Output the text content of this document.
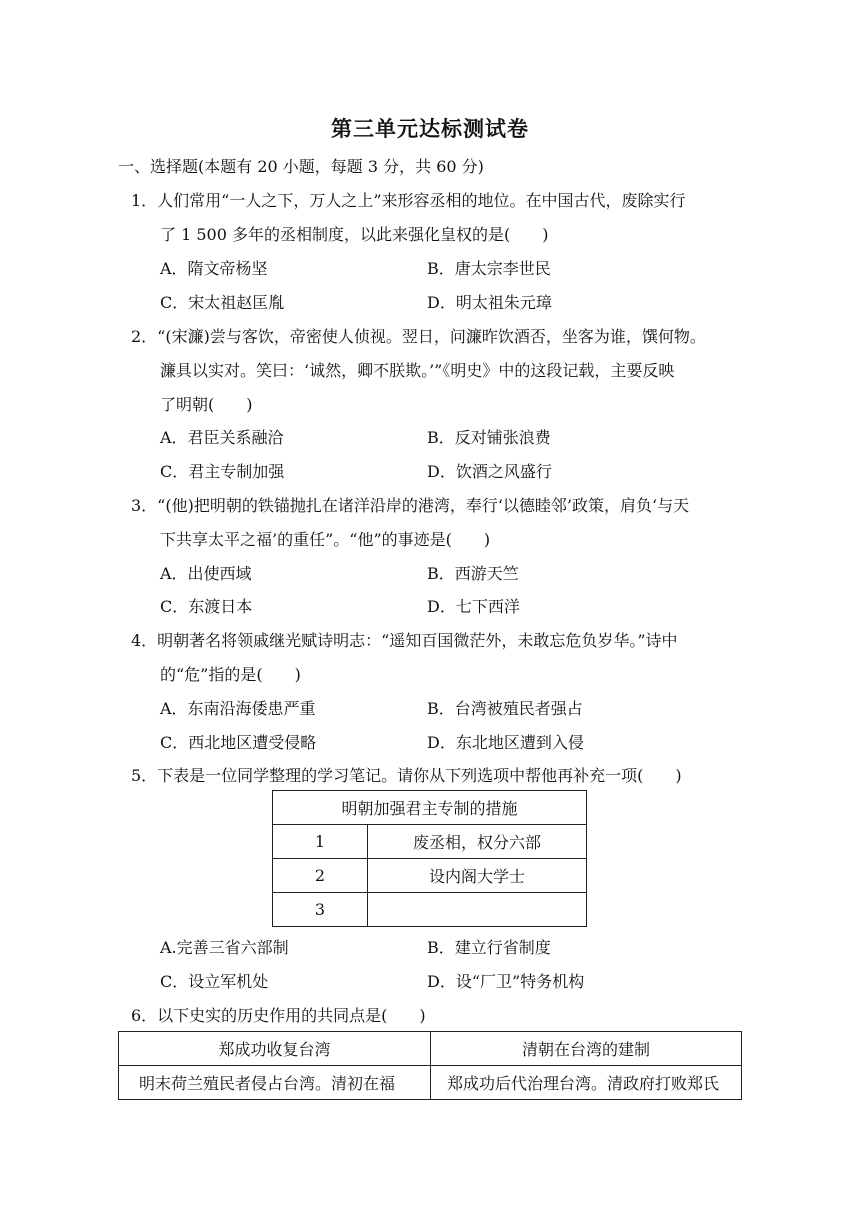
第三单元达标测试卷
一、选择题(本题有 20 小题，每题 3 分，共 60 分)
1．人们常用“一人之下，万人之上”来形容丞相的地位。在中国古代，废除实行
了 1 500 多年的丞相制度，以此来强化皇权的是(　　)
A．隋文帝杨坚	B．唐太宗李世民
C．宋太祖赵匡胤	D．明太祖朱元璋
2．“(宋濂)尝与客饮，帝密使人侦视。翌日，问濂昨饮酒否，坐客为谁，馔何物。
濂具以实对。笑曰：‘诚然，卿不朕欺。’”《明史》中的这段记载，主要反映
了明朝(　　)
A．君臣关系融洽	B．反对铺张浪费
C．君主专制加强	D．饮酒之风盛行
3．“(他)把明朝的铁锚抛扎在诸洋沿岸的港湾，奉行‘以德睦邻’政策，肩负‘与天
下共享太平之福’的重任”。“他”的事迹是(　　)
A．出使西域	B．西游天竺
C．东渡日本	D．七下西洋
4．明朝著名将领戚继光赋诗明志：“遥知百国微茫外，未敢忘危负岁华。”诗中
的“危”指的是(　　)
A．东南沿海倭患严重	B．台湾被殖民者强占
C．西北地区遭受侵略	D．东北地区遭到入侵
5．下表是一位同学整理的学习笔记。请你从下列选项中帮他再补充一项(　　)
明朝加强君主专制的措施	
1	废丞相，权分六部
2	设内阁大学士
3	
A.完善三省六部制	B．建立行省制度
C．设立军机处	D．设“厂卫”特务机构
6．以下史实的历史作用的共同点是(　　)
郑成功收复台湾	清朝在台湾的建制
明末荷兰殖民者侵占台湾。清初在福	郑成功后代治理台湾。清政府打败郑氏
